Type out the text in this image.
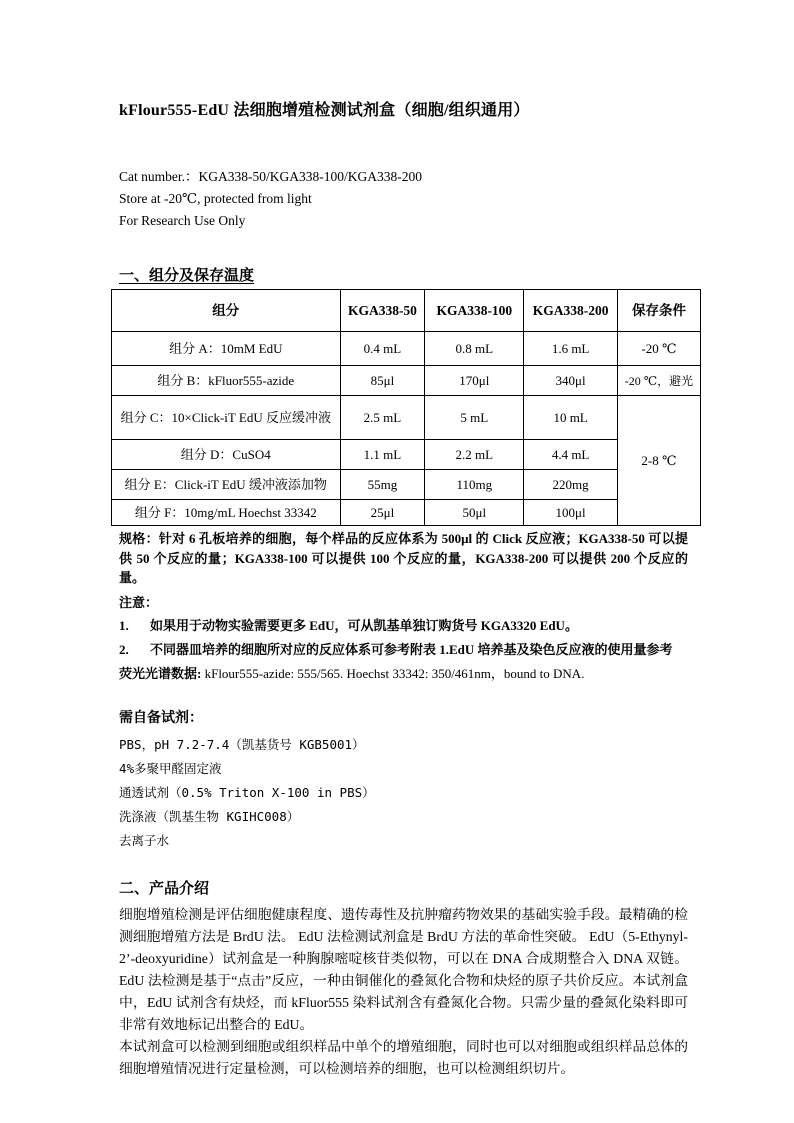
kFlour555-EdU 法细胞增殖检测试剂盒（细胞/组织通用）
Cat number.：KGA338-50/KGA338-100/KGA338-200
Store at -20℃, protected from light
For Research Use Only
一、组分及保存温度
组分	KGA338-50	KGA338-100	KGA338-200	保存条件
组分 A：10mM EdU	0.4 mL	0.8 mL	1.6 mL	-20 ℃
组分 B：kFluor555-azide	85μl	170μl	340μl	-20 ℃，避光
组分 C：10×Click-iT EdU 反应缓冲液	2.5 mL	5 mL	10 mL	2-8 ℃
组分 D：CuSO4	1.1 mL	2.2 mL	4.4 mL	
组分 E：Click-iT EdU 缓冲液添加物	55mg	110mg	220mg	
组分 F：10mg/mL Hoechst 33342	25μl	50μl	100μl	
规格：针对 6 孔板培养的细胞，每个样品的反应体系为 500μl 的 Click 反应液；KGA338-50 可以提供 50 个反应的量；KGA338-100 可以提供 100 个反应的量，KGA338-200 可以提供 200 个反应的量。
注意：
1.	如果用于动物实验需要更多 EdU，可从凯基单独订购货号 KGA3320 EdU。
2.	不同器皿培养的细胞所对应的反应体系可参考附表 1.EdU 培养基及染色反应液的使用量参考
荧光光谱数据: kFlour555-azide: 555/565. Hoechst 33342: 350/461nm，bound to DNA.
需自备试剂：
PBS，pH 7.2-7.4（凯基货号 KGB5001）
4%多聚甲醛固定液
通透试剂（0.5% Triton X-100 in PBS）
洗涤液（凯基生物 KGIHC008）
去离子水
二、产品介绍
细胞增殖检测是评估细胞健康程度、遗传毒性及抗肿瘤药物效果的基础实验手段。最精确的检测细胞增殖方法是 BrdU 法。 EdU 法检测试剂盒是 BrdU 方法的革命性突破。 EdU（5-Ethynyl-2’-deoxyuridine）试剂盒是一种胸腺嘧啶核苷类似物，可以在 DNA 合成期整合入 DNA 双链。EdU 法检测是基于“点击”反应，一种由铜催化的叠氮化合物和炔烃的原子共价反应。本试剂盒中，EdU 试剂含有炔烃，而 kFluor555 染料试剂含有叠氮化合物。只需少量的叠氮化染料即可非常有效地标记出整合的 EdU。
本试剂盒可以检测到细胞或组织样品中单个的增殖细胞，同时也可以对细胞或组织样品总体的细胞增殖情况进行定量检测，可以检测培养的细胞，也可以检测组织切片。
